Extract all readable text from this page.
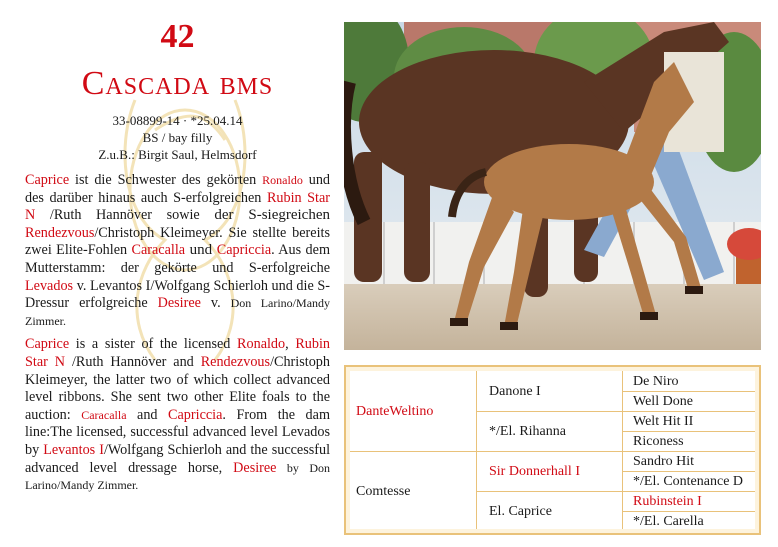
42
Cascada bms
33-08899-14 · *25.04.14
BS / bay filly
Z.u.B.: Birgit Saul, Helmsdorf

Caprice ist die Schwester des gekörten Ronaldo und des darüber hinaus auch S-erfolgreichen Rubin Star N /Ruth Hannöver sowie der S-siegreichen Rendezvous/Christoph Kleimeyer. Sie stellte bereits zwei Elite-Fohlen Caracalla und Capriccia. Aus dem Mutterstamm: der gekörte und S-erfolgreiche Levados v. Levantos I/Wolfgang Schierloh und die S-Dressur erfolgreiche Desiree v. Don Larino/Mandy Zimmer.

Caprice is a sister of the licensed Ronaldo, Rubin Star N /Ruth Hannöver and Rendezvous/Christoph Kleimeyer, the latter two of which collect advanced level ribbons. She sent two other Elite foals to the auction: Caracalla and Capriccia. From the dam line:The licensed, successful advanced level Levados by Levantos I/Wolfgang Schierloh and the successful advanced level dressage horse, Desiree by Don Larino/Mandy Zimmer.

DanteWeltino
Comtesse
Danone I
*/El. Rihanna
Sir Donnerhall I
El. Caprice
De Niro
Well Done
Welt Hit II
Riconess
Sandro Hit
*/El. Contenance D
Rubinstein I
*/El. Carella
